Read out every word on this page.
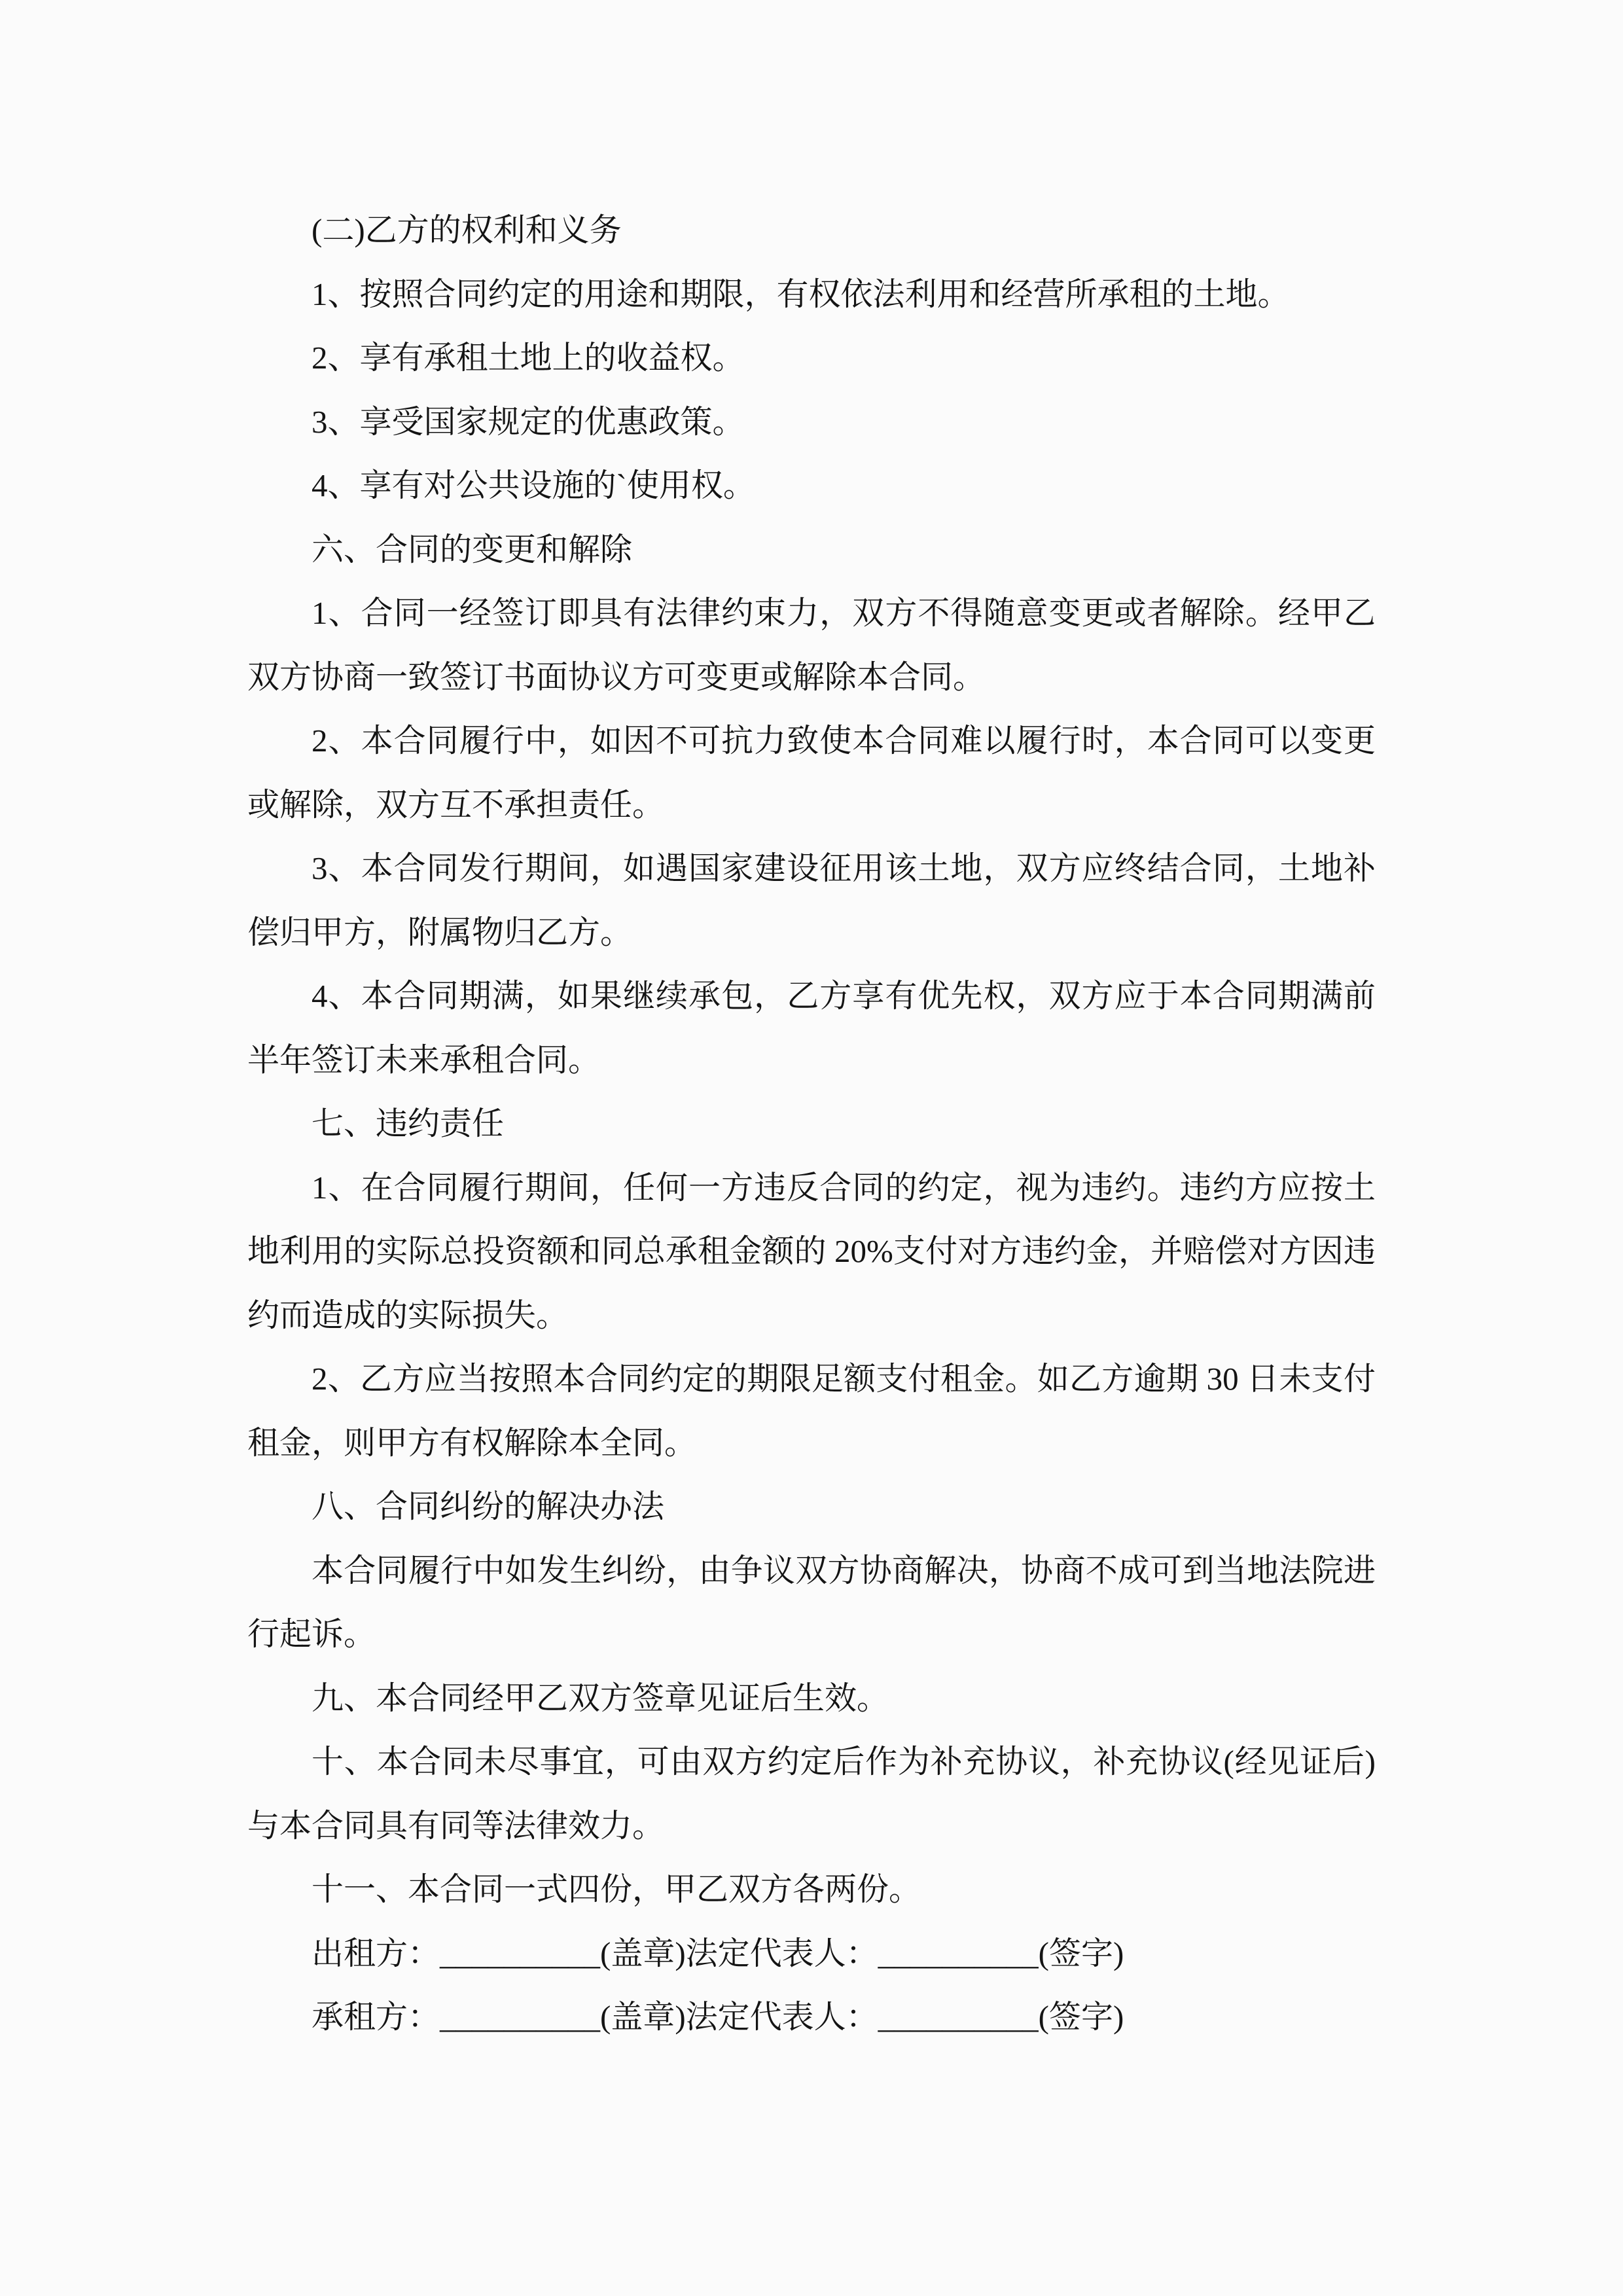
(二)乙方的权利和义务
1、按照合同约定的用途和期限，有权依法利用和经营所承租的土地。
2、享有承租土地上的收益权。
3、享受国家规定的优惠政策。
4、享有对公共设施的`使用权。
六、合同的变更和解除
1、合同一经签订即具有法律约束力，双方不得随意变更或者解除。经甲乙
双方协商一致签订书面协议方可变更或解除本合同。
2、本合同履行中，如因不可抗力致使本合同难以履行时，本合同可以变更
或解除，双方互不承担责任。
3、本合同发行期间，如遇国家建设征用该土地，双方应终结合同，土地补
偿归甲方，附属物归乙方。
4、本合同期满，如果继续承包，乙方享有优先权，双方应于本合同期满前
半年签订未来承租合同。
七、违约责任
1、在合同履行期间，任何一方违反合同的约定，视为违约。违约方应按土
地利用的实际总投资额和同总承租金额的 20%支付对方违约金，并赔偿对方因违
约而造成的实际损失。
2、乙方应当按照本合同约定的期限足额支付租金。如乙方逾期 30 日未支付
租金，则甲方有权解除本全同。
八、合同纠纷的解决办法
本合同履行中如发生纠纷，由争议双方协商解决，协商不成可到当地法院进
行起诉。
九、本合同经甲乙双方签章见证后生效。
十、本合同未尽事宜，可由双方约定后作为补充协议，补充协议(经见证后)
与本合同具有同等法律效力。
十一、本合同一式四份，甲乙双方各两份。
出租方：__________(盖章)法定代表人：__________(签字)
承租方：__________(盖章)法定代表人：__________(签字)
